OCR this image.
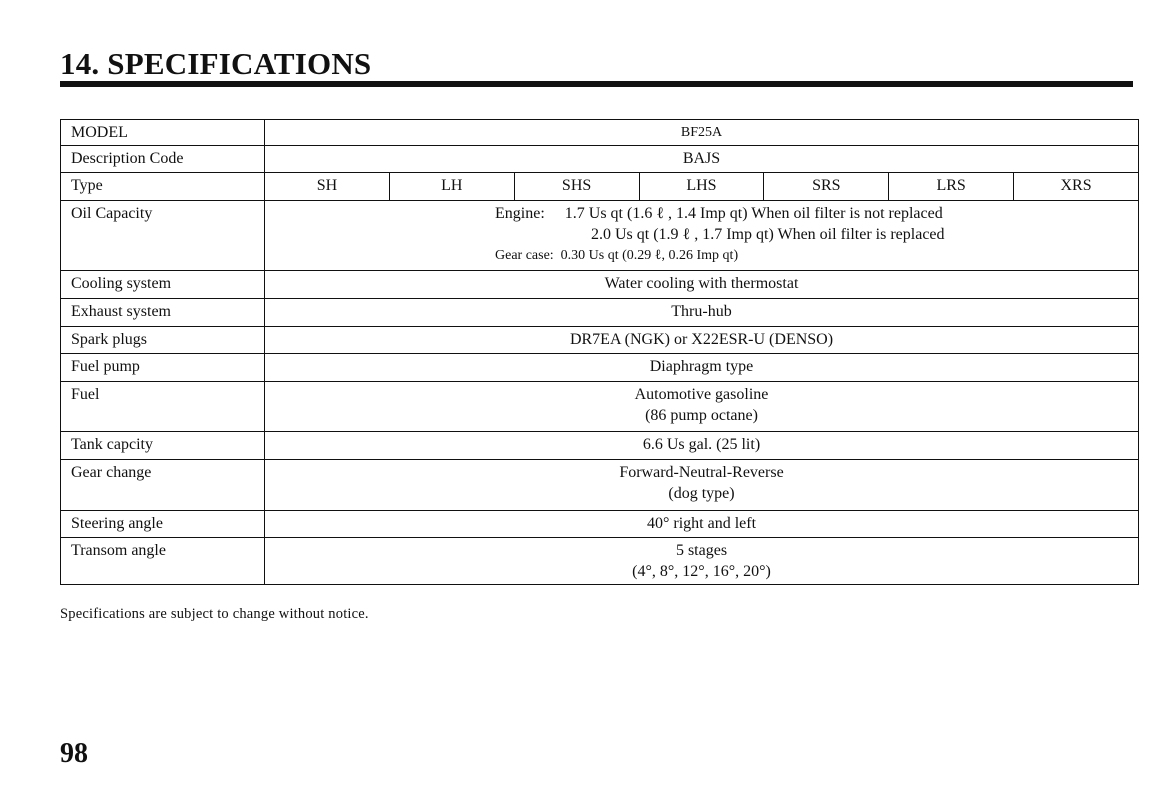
14. SPECIFICATIONS
MODEL	BF25A						
Description Code	BAJS						
Type	SH	LH	SHS	LHS	SRS	LRS	XRS
Oil Capacity	Engine:     1.7 Us qt (1.6 ℓ , 1.4 Imp qt) When oil filter is not replaced
2.0 Us qt (1.9 ℓ , 1.7 Imp qt) When oil filter is replaced
Gear case:  0.30 Us qt (0.29 ℓ, 0.26 Imp qt)						

Cooling system	Water cooling with thermostat						

Exhaust system	Thru-hub						

Spark plugs	DR7EA (NGK) or X22ESR-U (DENSO)						

Fuel pump	Diaphragm type						

Fuel	Automotive gasoline
(86 pump octane)						

Tank capcity	6.6 Us gal. (25 lit)						

Gear change	Forward-Neutral-Reverse
(dog type)						

Steering angle	40° right and left						

Transom angle	5 stages
(4°, 8°, 12°, 16°, 20°)						
Specifications are subject to change without notice.
98
